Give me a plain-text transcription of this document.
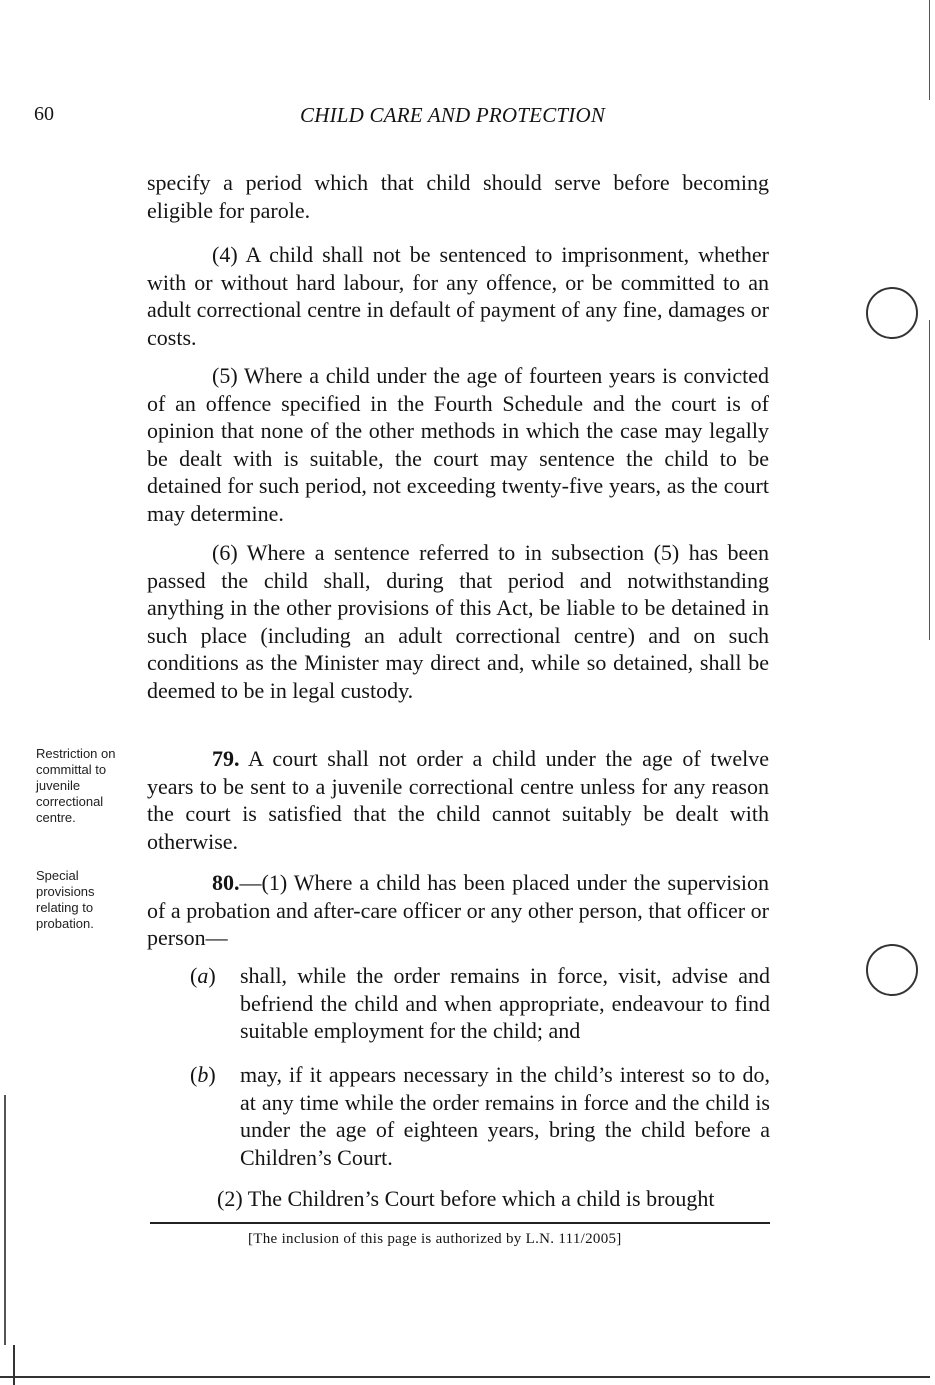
60	CHILD CARE AND PROTECTION

specify a period which that child should serve before becoming eligible for parole.

(4) A child shall not be sentenced to imprisonment, whether with or without hard labour, for any offence, or be committed to an adult correctional centre in default of payment of any fine, damages or costs.

(5) Where a child under the age of fourteen years is convicted of an offence specified in the Fourth Schedule and the court is of opinion that none of the other methods in which the case may legally be dealt with is suitable, the court may sentence the child to be detained for such period, not exceeding twenty-five years, as the court may determine.

(6) Where a sentence referred to in subsection (5) has been passed the child shall, during that period and notwithstanding anything in the other provisions of this Act, be liable to be detained in such place (including an adult correctional centre) and on such conditions as the Minister may direct and, while so detained, shall be deemed to be in legal custody.

Restriction on committal to juvenile correctional centre.

79. A court shall not order a child under the age of twelve years to be sent to a juvenile correctional centre unless for any reason the court is satisfied that the child cannot suitably be dealt with otherwise.

Special provisions relating to probation.

80.—(1) Where a child has been placed under the supervision of a probation and after-care officer or any other person, that officer or person—

(a) shall, while the order remains in force, visit, advise and befriend the child and when appropriate, endeavour to find suitable employment for the child; and
(b) may, if it appears necessary in the child’s interest so to do, at any time while the order remains in force and the child is under the age of eighteen years, bring the child before a Children’s Court.

(2) The Children’s Court before which a child is brought

[The inclusion of this page is authorized by L.N. 111/2005]
